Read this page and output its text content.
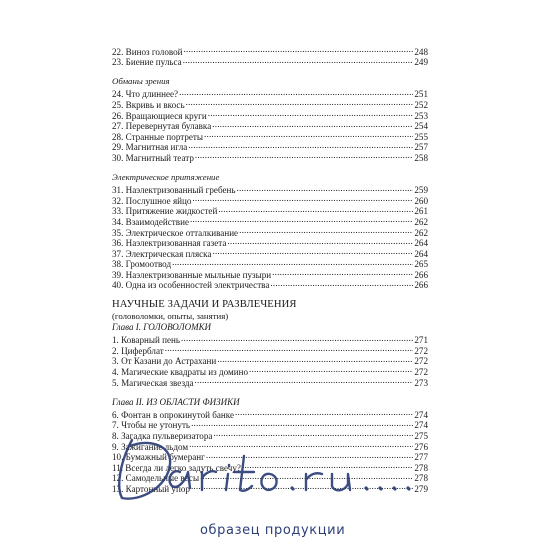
22. Виноз головой .....	248
23. Биение пульса .....	249
Обманы зрения
24. Что длиннее? .....	251
25. Вкривь и вкось .....	252
26. Вращающиеся круги .....	253
27. Перевернутая булавка .....	254
28. Странные портреты .....	255
29. Магнитная игла .....	257
30. Магнитный театр .....	258
Электрическое притяжение
31. Наэлектризованный гребень .....	259
32. Послушное яйцо .....	260
33. Притяжение жидкостей .....	261
34. Взаимодействие .....	262
35. Электрическое отталкивание .....	262
36. Наэлектризованная газета .....	264
37. Электрическая пляска .....	264
38. Громоотвод .....	265
39. Наэлектризованные мыльные пузыри .....	266
40. Одна из особенностей электричества .....	266
НАУЧНЫЕ ЗАДАЧИ И РАЗВЛЕЧЕНИЯ
(головоломки, опыты, занятия)
Глава I. ГОЛОВОЛОМКИ
1. Коварный пень .....	271
2. Циферблат .....	272
3. От Казани до Астрахани .....	272
4. Магические квадраты из домино .....	272
5. Магическая звезда .....	273
Глава II. ИЗ ОБЛАСТИ ФИЗИКИ
6. Фонтан в опрокинутой банке .....	274
7. Чтобы не утонуть .....	274
8. Загадка пульверизатора .....	275
9. Зажигание льдом .....	276
10. Бумажный бумеранг .....	277
11. Всегда ли легко задуть свечу? .....	278
12. Самодельные весы .....	278
13. Картонный упор .....	279
образец продукции
